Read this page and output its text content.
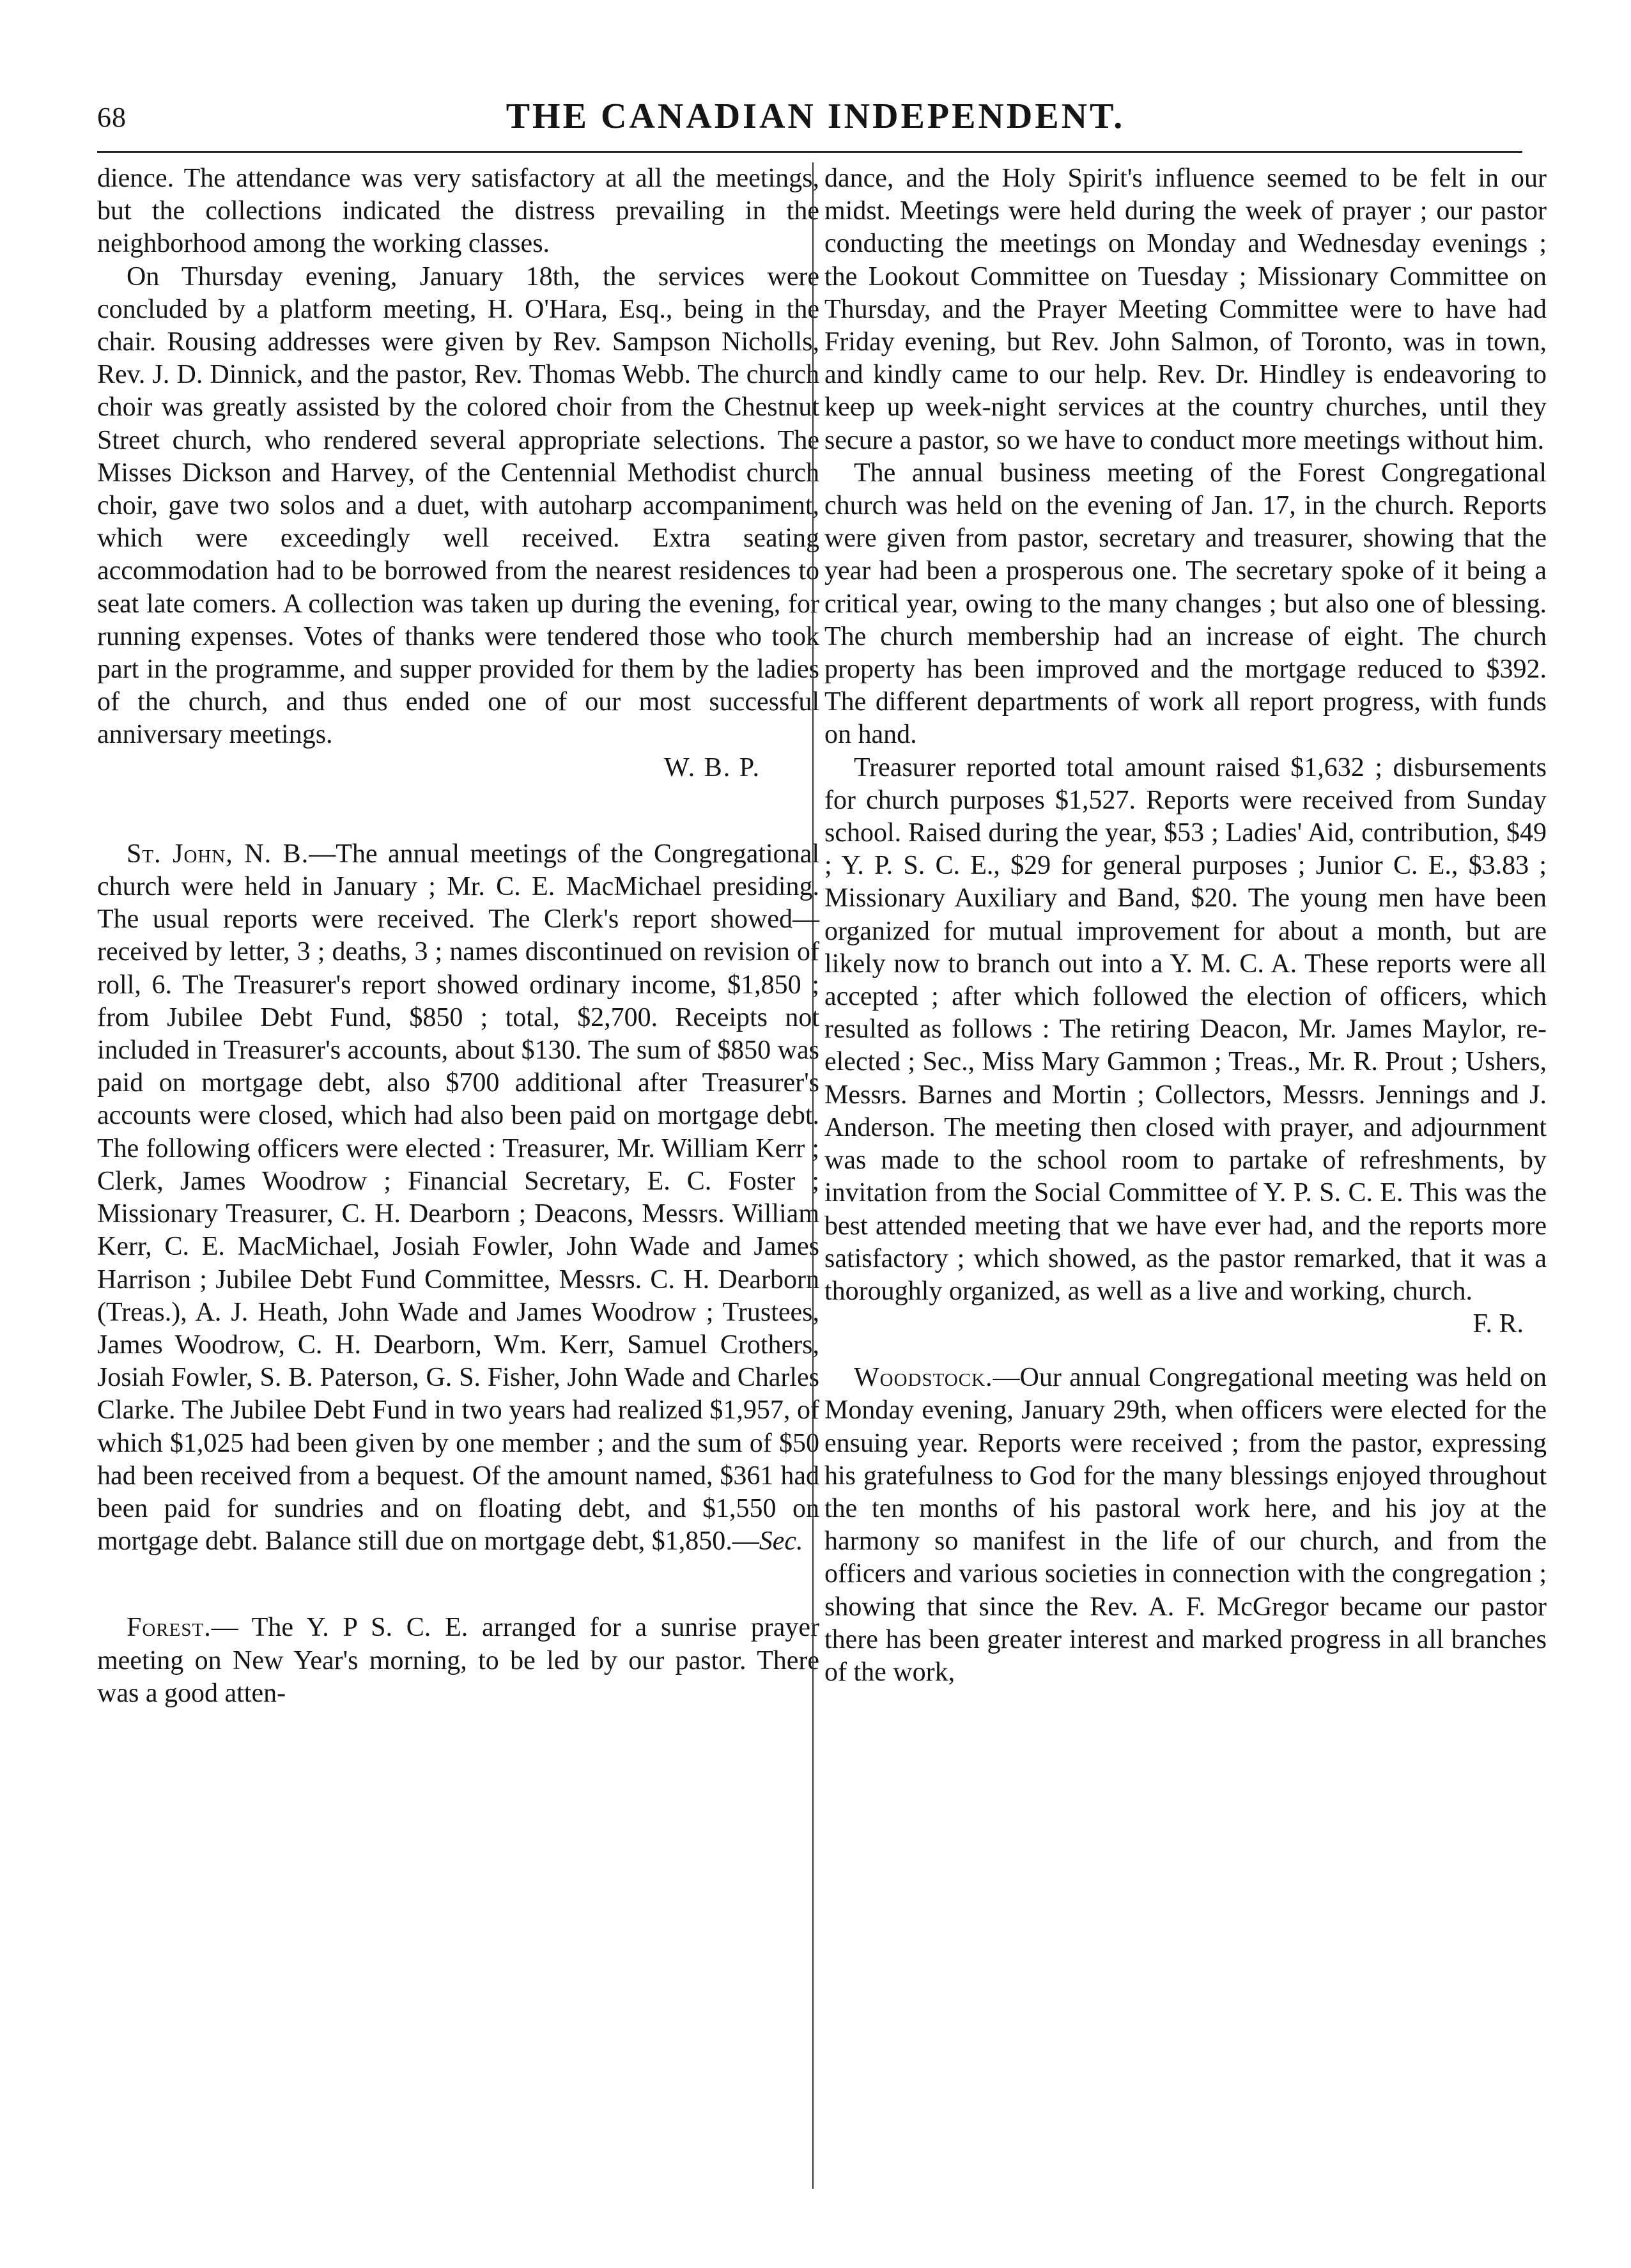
68	THE CANADIAN INDEPENDENT.

dience. The attendance was very satisfactory at all the meetings, but the collections indicated the distress prevailing in the neighborhood among the working classes.

On Thursday evening, January 18th, the services were concluded by a platform meeting, H. O'Hara, Esq., being in the chair. Rousing addresses were given by Rev. Sampson Nicholls, Rev. J. D. Dinnick, and the pastor, Rev. Thomas Webb. The church choir was greatly assisted by the colored choir from the Chestnut Street church, who rendered several appropriate selections. The Misses Dickson and Harvey, of the Centennial Methodist church choir, gave two solos and a duet, with autoharp accompaniment, which were exceedingly well received. Extra seating accommodation had to be borrowed from the nearest residences to seat late comers. A collection was taken up during the evening, for running expenses. Votes of thanks were tendered those who took part in the programme, and supper provided for them by the ladies of the church, and thus ended one of our most successful anniversary meetings.

W. B. P.

St. John, N. B.—The annual meetings of the Congregational church were held in January ; Mr. C. E. MacMichael presiding. The usual reports were received. The Clerk's report showed—received by letter, 3 ; deaths, 3 ; names discontinued on revision of roll, 6. The Treasurer's report showed ordinary income, $1,850 ; from Jubilee Debt Fund, $850 ; total, $2,700. Receipts not included in Treasurer's accounts, about $130. The sum of $850 was paid on mortgage debt, also $700 additional after Treasurer's accounts were closed, which had also been paid on mortgage debt. The following officers were elected : Treasurer, Mr. William Kerr ; Clerk, James Woodrow ; Financial Secretary, E. C. Foster ; Missionary Treasurer, C. H. Dearborn ; Deacons, Messrs. William Kerr, C. E. MacMichael, Josiah Fowler, John Wade and James Harrison ; Jubilee Debt Fund Committee, Messrs. C. H. Dearborn (Treas.), A. J. Heath, John Wade and James Woodrow ; Trustees, James Woodrow, C. H. Dearborn, Wm. Kerr, Samuel Crothers, Josiah Fowler, S. B. Paterson, G. S. Fisher, John Wade and Charles Clarke. The Jubilee Debt Fund in two years had realized $1,957, of which $1,025 had been given by one member ; and the sum of $50 had been received from a bequest. Of the amount named, $361 had been paid for sundries and on floating debt, and $1,550 on mortgage debt. Balance still due on mortgage debt, $1,850.—Sec.

Forest.— The Y. P S. C. E. arranged for a sunrise prayer meeting on New Year's morning, to be led by our pastor. There was a good atten-

dance, and the Holy Spirit's influence seemed to be felt in our midst. Meetings were held during the week of prayer ; our pastor conducting the meetings on Monday and Wednesday evenings ; the Lookout Committee on Tuesday ; Missionary Committee on Thursday, and the Prayer Meeting Committee were to have had Friday evening, but Rev. John Salmon, of Toronto, was in town, and kindly came to our help. Rev. Dr. Hindley is endeavoring to keep up week-night services at the country churches, until they secure a pastor, so we have to conduct more meetings without him.

The annual business meeting of the Forest Congregational church was held on the evening of Jan. 17, in the church. Reports were given from pastor, secretary and treasurer, showing that the year had been a prosperous one. The secretary spoke of it being a critical year, owing to the many changes ; but also one of blessing. The church membership had an increase of eight. The church property has been improved and the mortgage reduced to $392. The different departments of work all report progress, with funds on hand.

Treasurer reported total amount raised $1,632 ; disbursements for church purposes $1,527. Reports were received from Sunday school. Raised during the year, $53 ; Ladies' Aid, contribution, $49 ; Y. P. S. C. E., $29 for general purposes ; Junior C. E., $3.83 ; Missionary Auxiliary and Band, $20. The young men have been organized for mutual improvement for about a month, but are likely now to branch out into a Y. M. C. A. These reports were all accepted ; after which followed the election of officers, which resulted as follows : The retiring Deacon, Mr. James Maylor, re-elected ; Sec., Miss Mary Gammon ; Treas., Mr. R. Prout ; Ushers, Messrs. Barnes and Mortin ; Collectors, Messrs. Jennings and J. Anderson. The meeting then closed with prayer, and adjournment was made to the school room to partake of refreshments, by invitation from the Social Committee of Y. P. S. C. E. This was the best attended meeting that we have ever had, and the reports more satisfactory ; which showed, as the pastor remarked, that it was a thoroughly organized, as well as a live and working, church.
F. R.

Woodstock.—Our annual Congregational meeting was held on Monday evening, January 29th, when officers were elected for the ensuing year. Reports were received ; from the pastor, expressing his gratefulness to God for the many blessings enjoyed throughout the ten months of his pastoral work here, and his joy at the harmony so manifest in the life of our church, and from the officers and various societies in connection with the congregation ; showing that since the Rev. A. F. McGregor became our pastor there has been greater interest and marked progress in all branches of the work,
